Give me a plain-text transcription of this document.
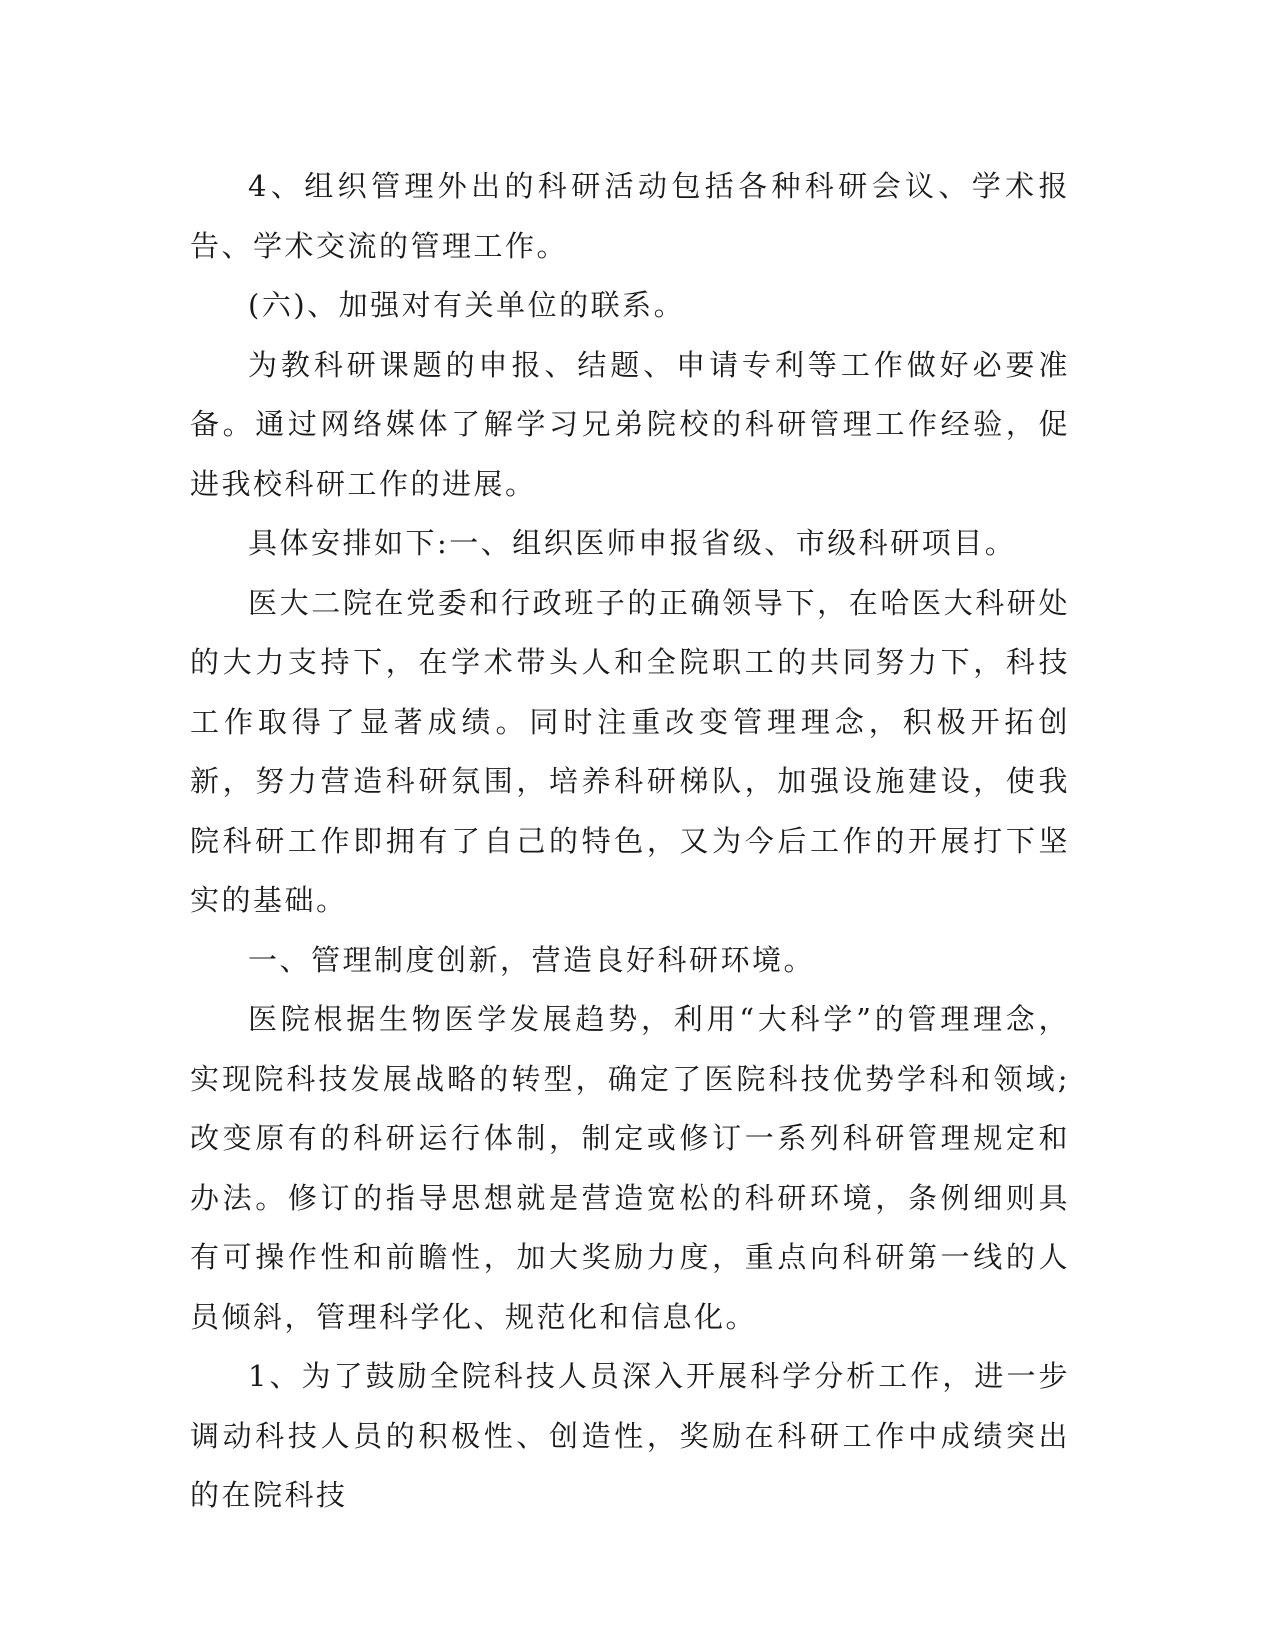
4、组织管理外出的科研活动包括各种科研会议、学术报告、学术交流的管理工作。

(六)、加强对有关单位的联系。

为教科研课题的申报、结题、申请专利等工作做好必要准备。通过网络媒体了解学习兄弟院校的科研管理工作经验，促进我校科研工作的进展。

具体安排如下:一、组织医师申报省级、市级科研项目。

医大二院在党委和行政班子的正确领导下，在哈医大科研处的大力支持下，在学术带头人和全院职工的共同努力下，科技工作取得了显著成绩。同时注重改变管理理念，积极开拓创新，努力营造科研氛围，培养科研梯队，加强设施建设，使我院科研工作即拥有了自己的特色，又为今后工作的开展打下坚实的基础。

一、管理制度创新，营造良好科研环境。

医院根据生物医学发展趋势，利用“大科学”的管理理念，实现院科技发展战略的转型，确定了医院科技优势学科和领域;改变原有的科研运行体制，制定或修订一系列科研管理规定和办法。修订的指导思想就是营造宽松的科研环境，条例细则具有可操作性和前瞻性，加大奖励力度，重点向科研第一线的人员倾斜，管理科学化、规范化和信息化。

1、为了鼓励全院科技人员深入开展科学分析工作，进一步调动科技人员的积极性、创造性，奖励在科研工作中成绩突出的在院科技
